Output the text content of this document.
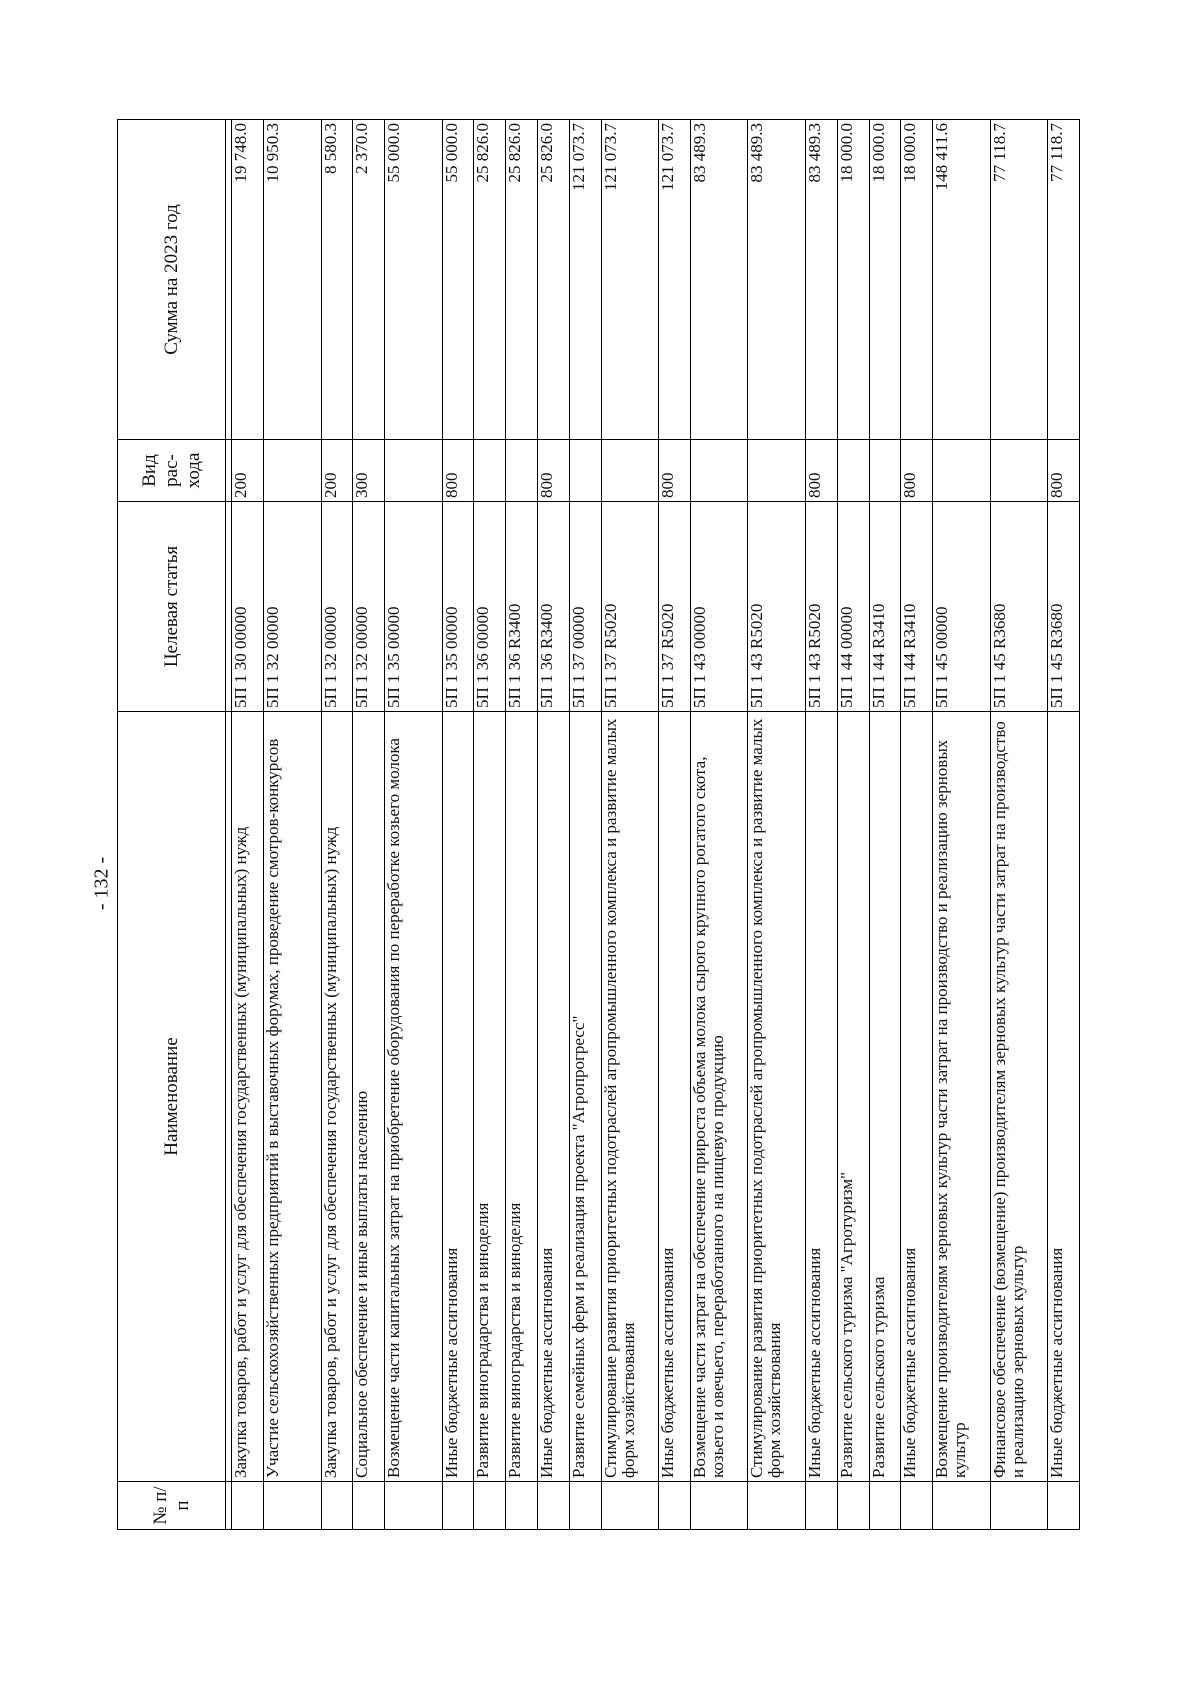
- 132 -
№ п/п	Наименование	Целевая статья	Вид рас- хода	Сумма на 2023 год

	Закупка товаров, работ и услуг для обеспечения государственных (муниципальных) нужд	5П 1 30 00000	200	19 748.0
	Участие сельскохозяйственных предприятий в выставочных форумах, проведение смотров-конкурсов	5П 1 32 00000		10 950.3
	Закупка товаров, работ и услуг для обеспечения государственных (муниципальных) нужд	5П 1 32 00000	200	8 580.3
	Социальное обеспечение и иные выплаты населению	5П 1 32 00000	300	2 370.0
	Возмещение части капитальных затрат на приобретение оборудования по переработке козьего молока	5П 1 35 00000		55 000.0
	Иные бюджетные ассигнования	5П 1 35 00000	800	55 000.0
	Развитие виноградарства и виноделия	5П 1 36 00000		25 826.0
	Развитие виноградарства и виноделия	5П 1 36 R3400		25 826.0
	Иные бюджетные ассигнования	5П 1 36 R3400	800	25 826.0
	Развитие семейных ферм и реализация проекта "Агропрогресс"	5П 1 37 00000		121 073.7
	Стимулирование развития приоритетных подотраслей агропромышленного комплекса и развитие малых форм хозяйствования	5П 1 37 R5020		121 073.7
	Иные бюджетные ассигнования	5П 1 37 R5020	800	121 073.7
	Возмещение части затрат на обеспечение прироста объема молока сырого крупного рогатого скота, козьего и овечьего, переработанного на пищевую продукцию	5П 1 43 00000		83 489.3
	Стимулирование развития приоритетных подотраслей агропромышленного комплекса и развитие малых форм хозяйствования	5П 1 43 R5020		83 489.3
	Иные бюджетные ассигнования	5П 1 43 R5020	800	83 489.3
	Развитие сельского туризма "Агротуризм"	5П 1 44 00000		18 000.0
	Развитие сельского туризма	5П 1 44 R3410		18 000.0
	Иные бюджетные ассигнования	5П 1 44 R3410	800	18 000.0
	Возмещение производителям зерновых культур части затрат на производство и реализацию зерновых культур	5П 1 45 00000		148 411.6
	Финансовое обеспечение (возмещение) производителям зерновых культур части затрат на производство и реализацию зерновых культур	5П 1 45 R3680		77 118.7
	Иные бюджетные ассигнования	5П 1 45 R3680	800	77 118.7
